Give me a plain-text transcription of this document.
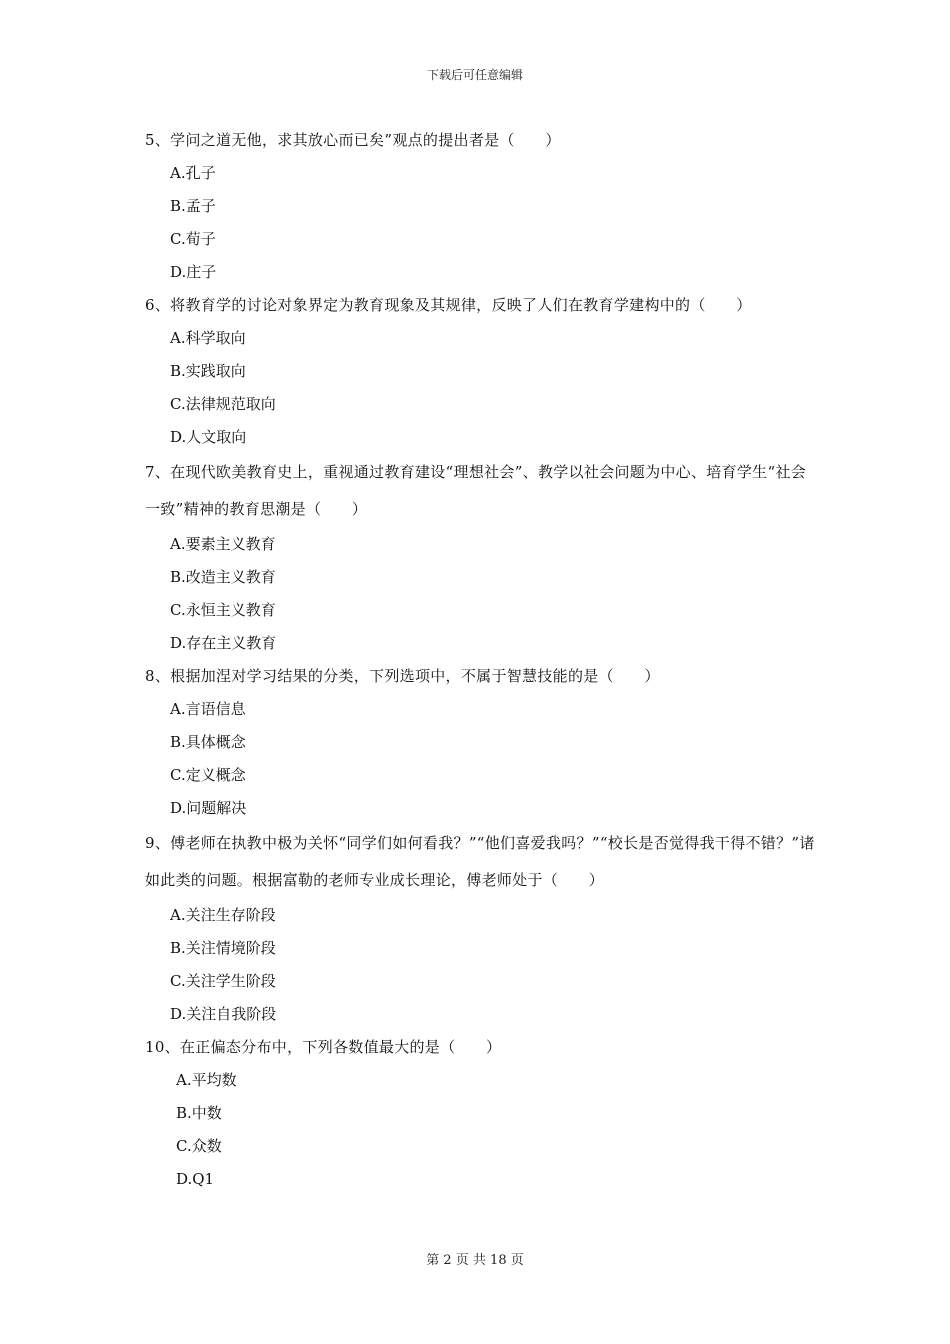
下载后可任意编辑
5、学问之道无他，求其放心而已矣”观点的提出者是（　　）
A.孔子
B.孟子
C.荀子
D.庄子
6、将教育学的讨论对象界定为教育现象及其规律，反映了人们在教育学建构中的（　　）
A.科学取向
B.实践取向
C.法律规范取向
D.人文取向
7、在现代欧美教育史上，重视通过教育建设“理想社会”、教学以社会问题为中心、培育学生“社会一致”精神的教育思潮是（　　）
A.要素主义教育
B.改造主义教育
C.永恒主义教育
D.存在主义教育
8、根据加涅对学习结果的分类，下列选项中，不属于智慧技能的是（　　）
A.言语信息
B.具体概念
C.定义概念
D.问题解决
9、傅老师在执教中极为关怀“同学们如何看我？”“他们喜爱我吗？”“校长是否觉得我干得不错？”诸如此类的问题。根据富勒的老师专业成长理论，傅老师处于（　　）
A.关注生存阶段
B.关注情境阶段
C.关注学生阶段
D.关注自我阶段
10、在正偏态分布中，下列各数值最大的是（　　）
A.平均数
B.中数
C.众数
D.Q1
第 2 页 共 18 页
